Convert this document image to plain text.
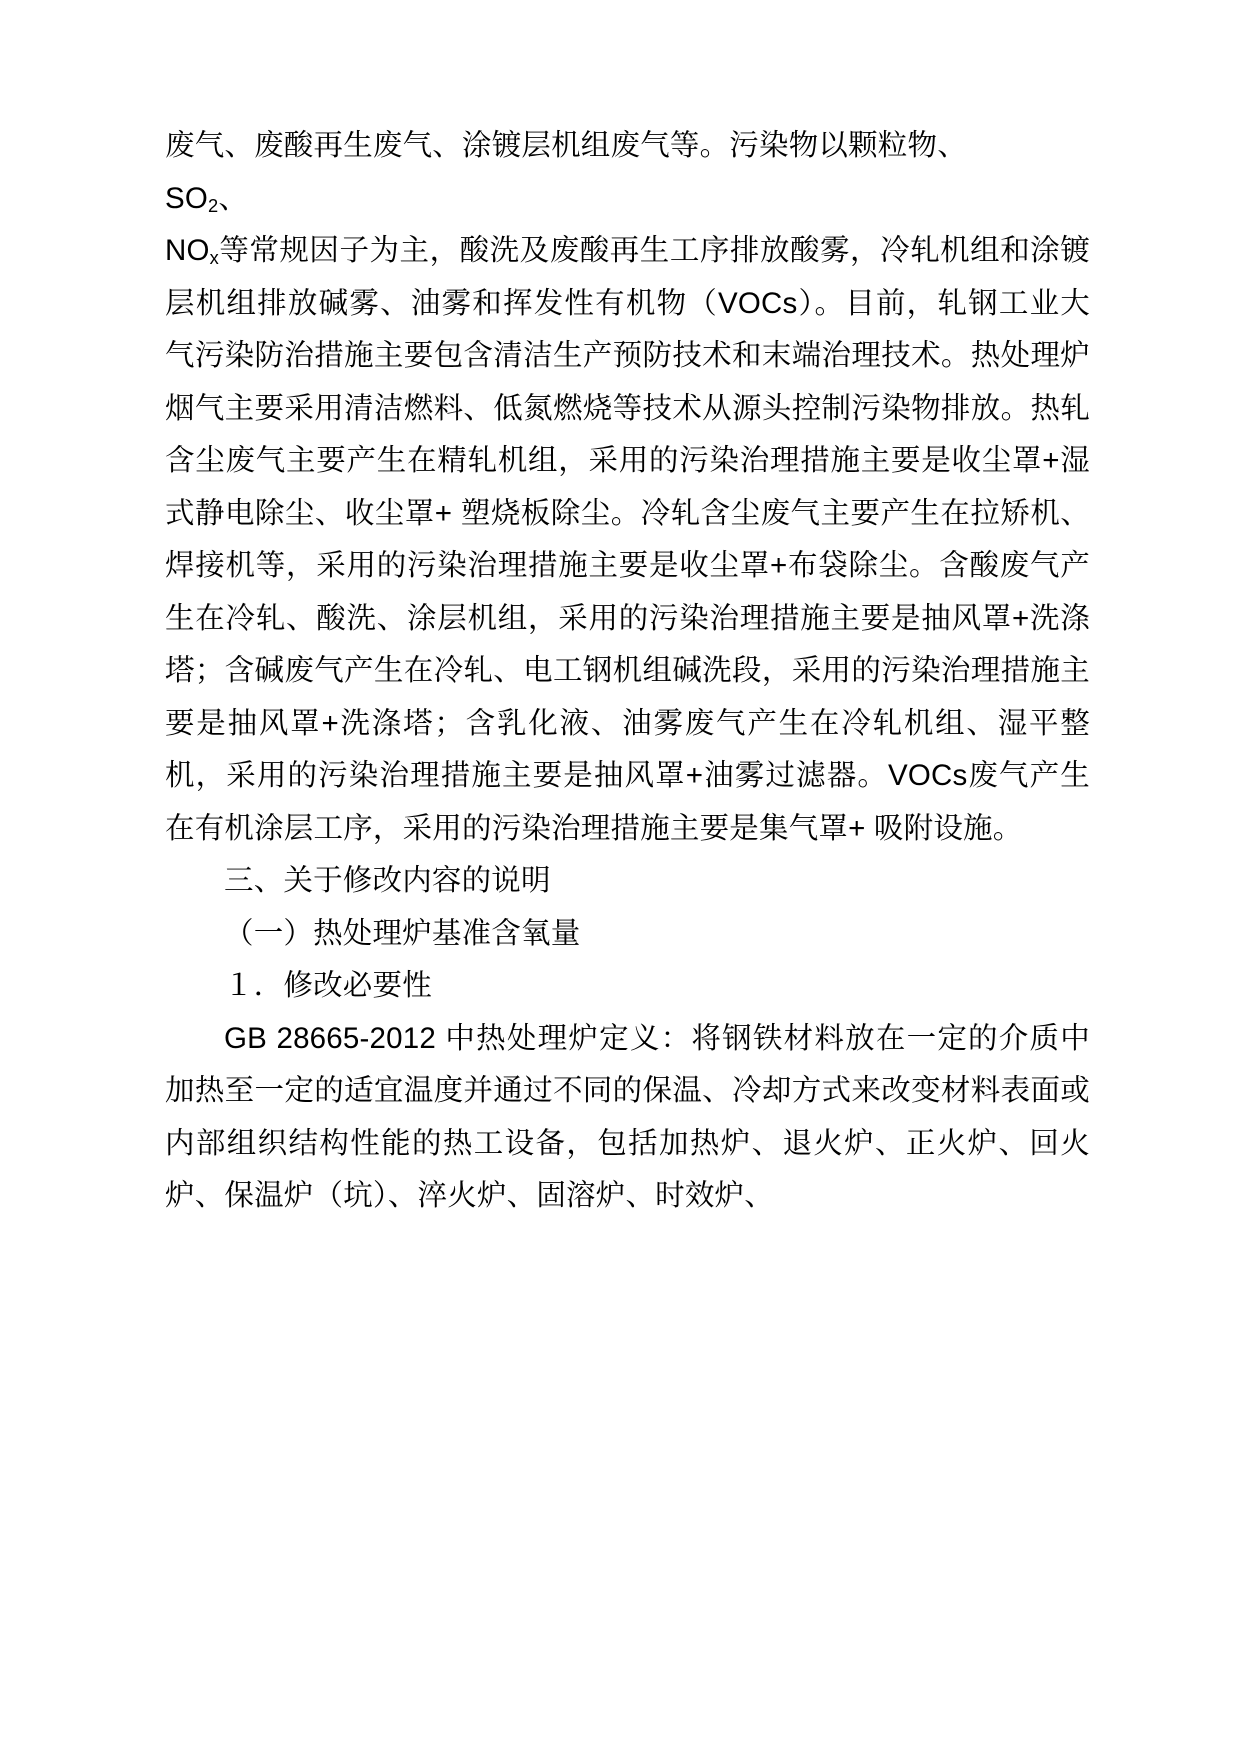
废气、废酸再生废气、涂镀层机组废气等。污染物以颗粒物、

$SO_2$、

$NO_x$等常规因子为主，酸洗及废酸再生工序排放酸雾，冷轧机组和涂镀层机组排放碱雾、油雾和挥发性有机物（VOCs）。目前，轧钢工业大气污染防治措施主要包含清洁生产预防技术和末端治理技术。热处理炉烟气主要采用清洁燃料、低氮燃烧等技术从源头控制污染物排放。热轧含尘废气主要产生在精轧机组，采用的污染治理措施主要是收尘罩+湿式静电除尘、收尘罩+ 塑烧板除尘。冷轧含尘废气主要产生在拉矫机、焊接机等，采用的污染治理措施主要是收尘罩+布袋除尘。含酸废气产生在冷轧、酸洗、涂层机组，采用的污染治理措施主要是抽风罩+洗涤塔；含碱废气产生在冷轧、电工钢机组碱洗段，采用的污染治理措施主要是抽风罩+洗涤塔；含乳化液、油雾废气产生在冷轧机组、湿平整机，采用的污染治理措施主要是抽风罩+油雾过滤器。VOCs废气产生在有机涂层工序，采用的污染治理措施主要是集气罩+ 吸附设施。

三、关于修改内容的说明

（一）热处理炉基准含氧量

１．修改必要性

GB 28665-2012 中热处理炉定义：将钢铁材料放在一定的介质中加热至一定的适宜温度并通过不同的保温、冷却方式来改变材料表面或内部组织结构性能的热工设备，包括加热炉、退火炉、正火炉、回火炉、保温炉（坑）、淬火炉、固溶炉、时效炉、
